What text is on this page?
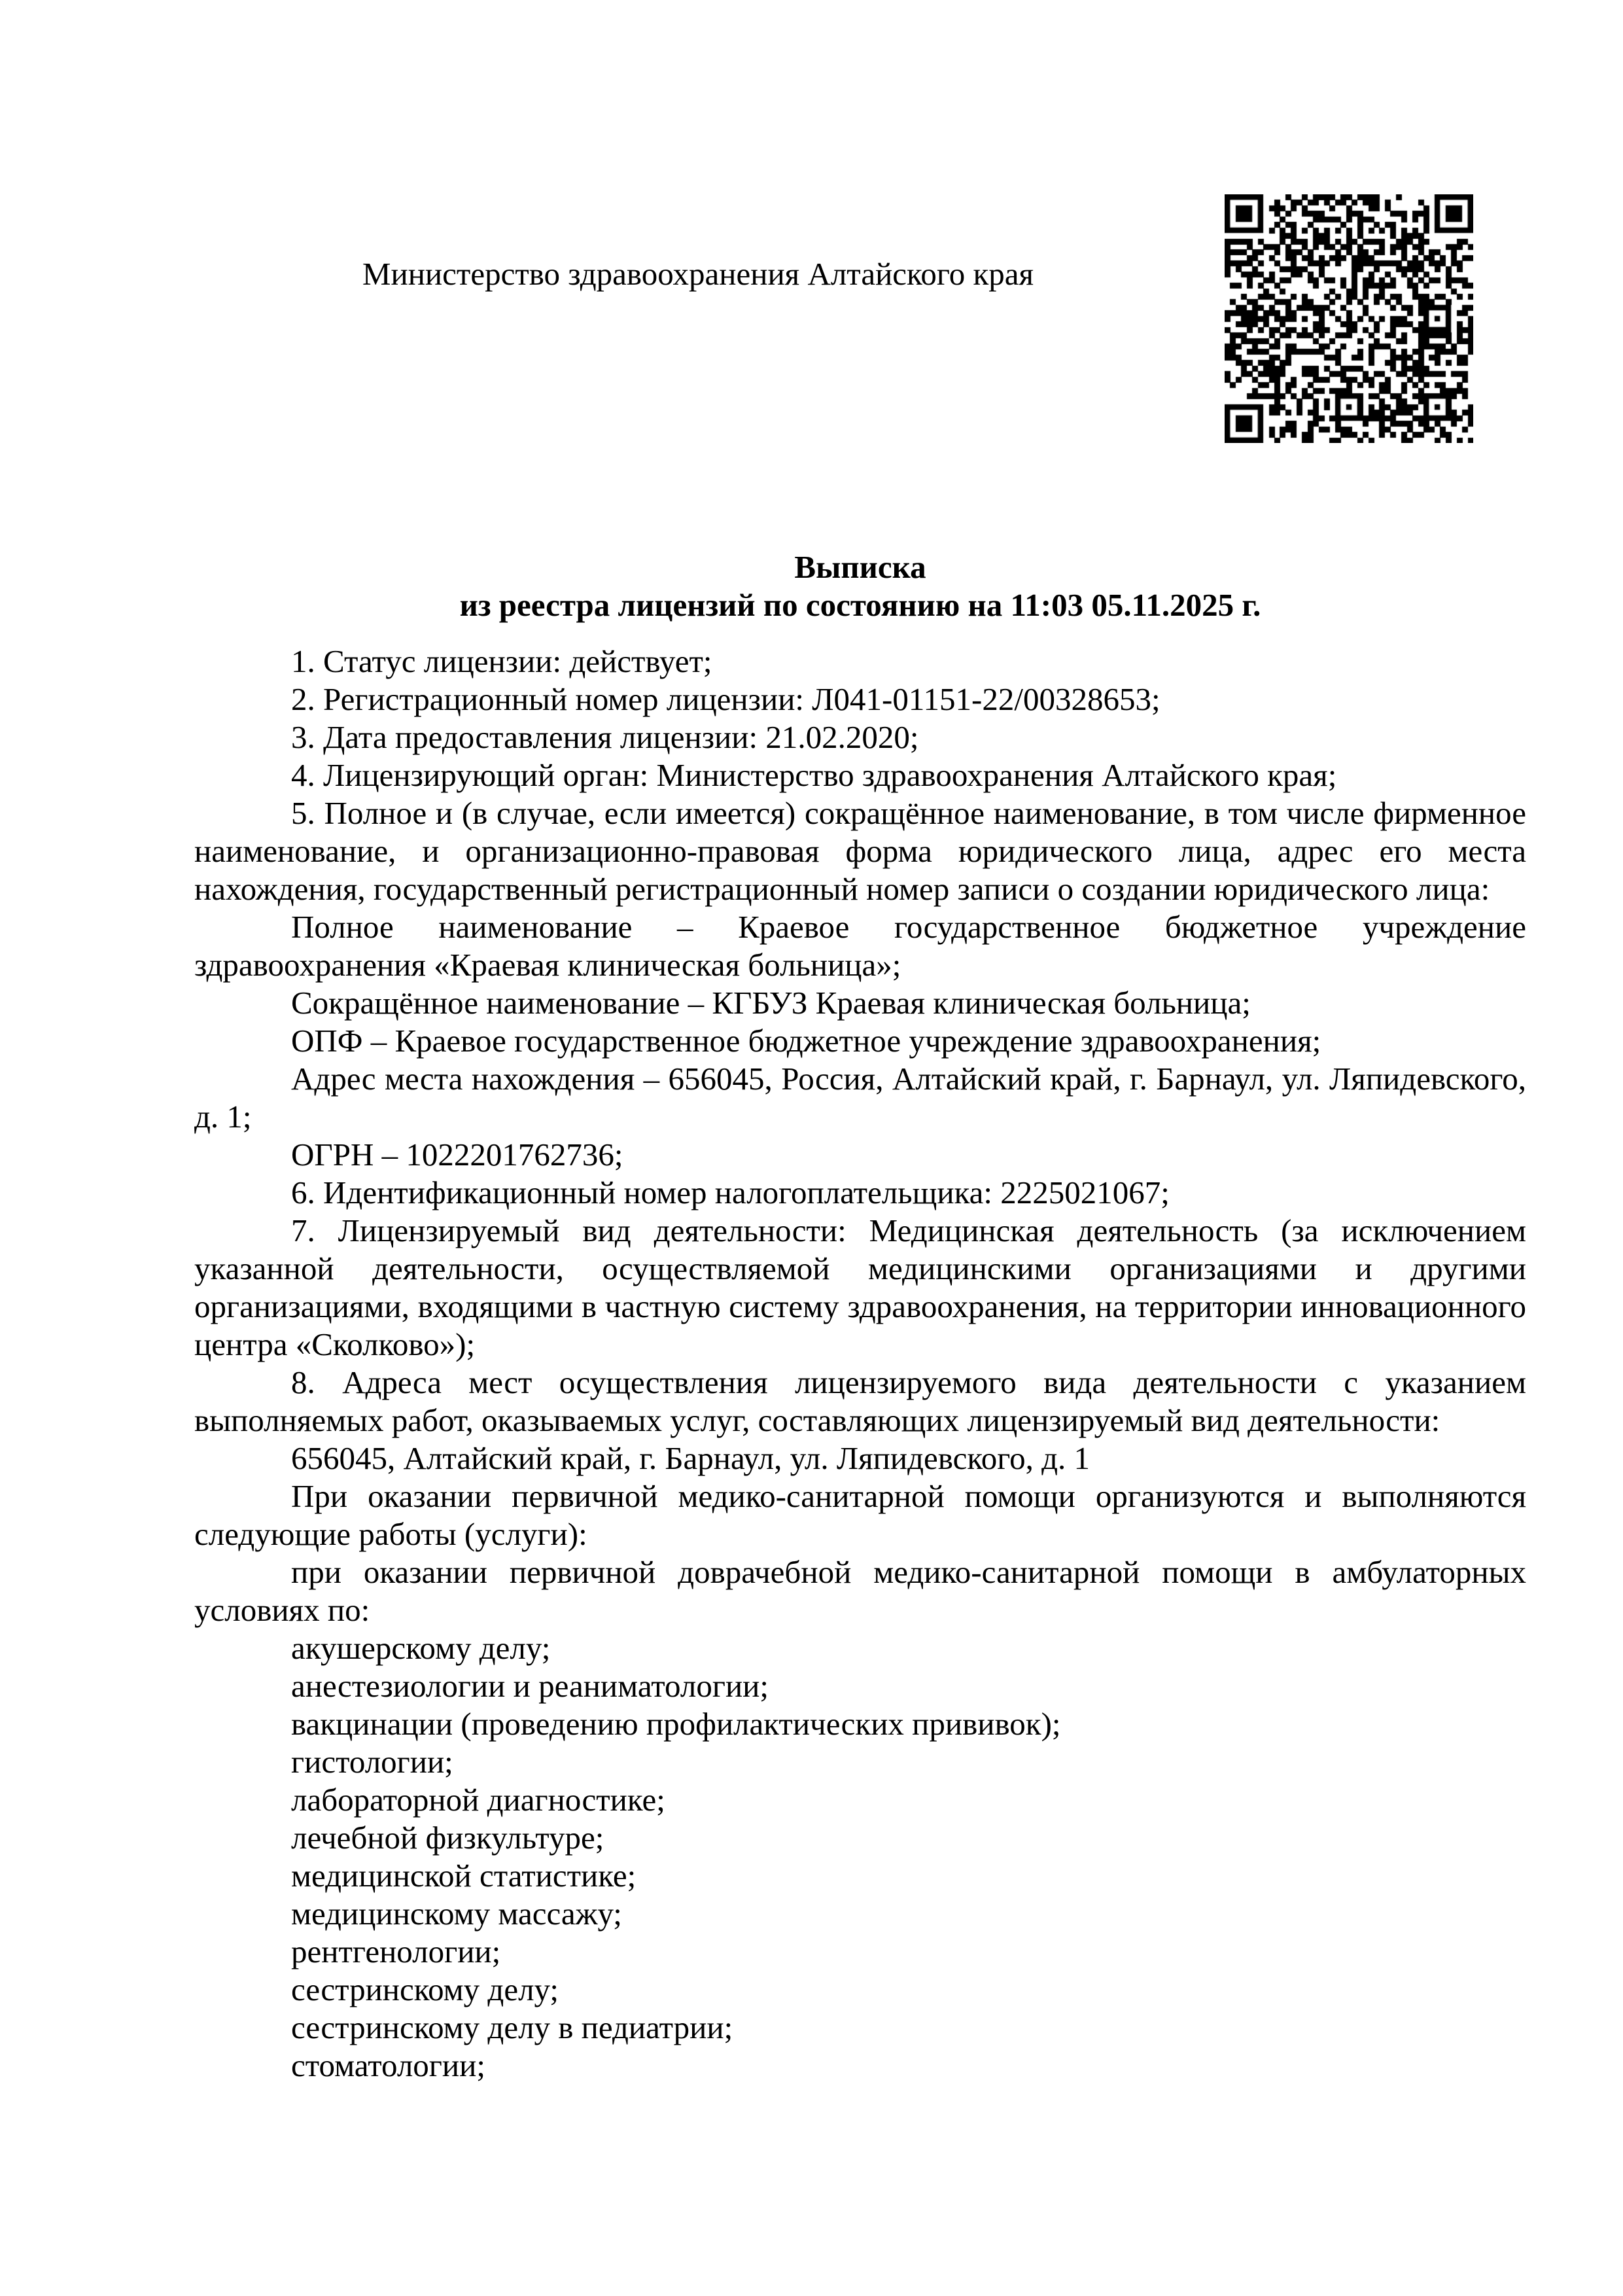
Министерство здравоохранения Алтайского края
Выписка
из реестра лицензий по состоянию на 11:03 05.11.2025 г.

1. Статус лицензии: действует;

2. Регистрационный номер лицензии: Л041-01151-22/00328653;

3. Дата предоставления лицензии: 21.02.2020;

4. Лицензирующий орган: Министерство здравоохранения Алтайского края;

5. Полное и (в случае, если имеется) сокращённое наименование, в том числе фирменное наименование, и организационно-правовая форма юридического лица, адрес его места нахождения, государственный регистрационный номер записи о создании юридического лица:

Полное наименование – Краевое государственное бюджетное учреждение здравоохранения «Краевая клиническая больница»;

Сокращённое наименование – КГБУЗ Краевая клиническая больница;

ОПФ – Краевое государственное бюджетное учреждение здравоохранения;

Адрес места нахождения – 656045, Россия, Алтайский край, г. Барнаул, ул. Ляпидевского, д. 1;

ОГРН – 1022201762736;

6. Идентификационный номер налогоплательщика: 2225021067;

7. Лицензируемый вид деятельности: Медицинская деятельность (за исключением указанной деятельности, осуществляемой медицинскими организациями и другими организациями, входящими в частную систему здравоохранения, на территории инновационного центра «Сколково»);

8. Адреса мест осуществления лицензируемого вида деятельности с указанием выполняемых работ, оказываемых услуг, составляющих лицензируемый вид деятельности:

656045, Алтайский край, г. Барнаул, ул. Ляпидевского, д. 1

При оказании первичной медико-санитарной помощи организуются и выполняются следующие работы (услуги):

при оказании первичной доврачебной медико-санитарной помощи в амбулаторных условиях по:

акушерскому делу;

анестезиологии и реаниматологии;

вакцинации (проведению профилактических прививок);

гистологии;

лабораторной диагностике;

лечебной физкультуре;

медицинской статистике;

медицинскому массажу;

рентгенологии;

сестринскому делу;

сестринскому делу в педиатрии;

стоматологии;
